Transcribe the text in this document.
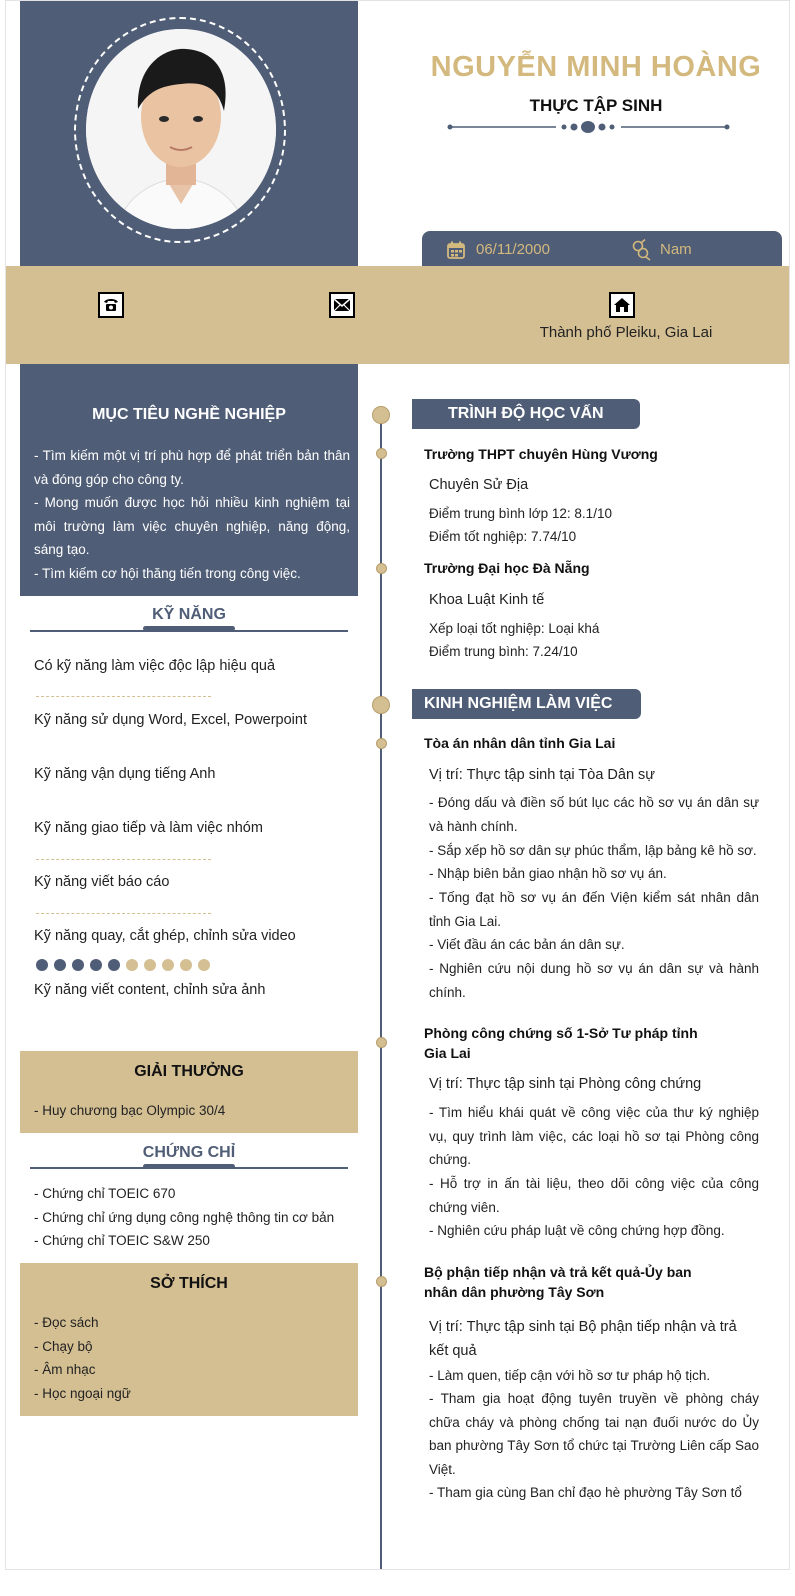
NGUYỄN MINH HOÀNG
THỰC TẬP SINH
06/11/2000	Nam
Thành phố Pleiku, Gia Lai
MỤC TIÊU NGHỀ NGHIỆP

- Tìm kiếm một vị trí phù hợp để phát triển bản thân và đóng góp cho công ty.

- Mong muốn được học hỏi nhiều kinh nghiệm tại môi trường làm việc chuyên nghiệp, năng động, sáng tạo.

- Tìm kiếm cơ hội thăng tiến trong công việc.

KỸ NĂNG
Có kỹ năng làm việc độc lập hiệu quả
Kỹ năng sử dụng Word, Excel, Powerpoint
Kỹ năng vận dụng tiếng Anh
Kỹ năng giao tiếp và làm việc nhóm
Kỹ năng viết báo cáo
Kỹ năng quay, cắt ghép, chỉnh sửa video
Kỹ năng viết content, chỉnh sửa ảnh
GIẢI THƯỞNG

- Huy chương bạc Olympic 30/4

CHỨNG CHỈ
- Chứng chỉ TOEIC 670
- Chứng chỉ ứng dụng công nghệ thông tin cơ bản
- Chứng chỉ TOEIC S&W 250
SỞ THÍCH
- Đọc sách
- Chạy bộ
- Âm nhạc
- Học ngoại ngữ
TRÌNH ĐỘ HỌC VẤN
Trường THPT chuyên Hùng Vương
Chuyên Sử Địa
Điểm trung bình lớp 12: 8.1/10
Điểm tốt nghiệp: 7.74/10
Trường Đại học Đà Nẵng
Khoa Luật Kinh tế
Xếp loại tốt nghiệp: Loại khá
Điểm trung bình: 7.24/10
KINH NGHIỆM LÀM VIỆC
Tòa án nhân dân tỉnh Gia Lai
Vị trí: Thực tập sinh tại Tòa Dân sự
- Đóng dấu và điền số bút lục các hồ sơ vụ án dân sự và hành chính.
- Sắp xếp hồ sơ dân sự phúc thẩm, lập bảng kê hồ sơ.
- Nhập biên bản giao nhận hồ sơ vụ án.
- Tống đạt hồ sơ vụ án đến Viện kiểm sát nhân dân tỉnh Gia Lai.
- Viết đầu án các bản án dân sự.
- Nghiên cứu nội dung hồ sơ vụ án dân sự và hành chính.
Phòng công chứng số 1-Sở Tư pháp tỉnh
Gia Lai
Vị trí: Thực tập sinh tại Phòng công chứng
- Tìm hiểu khái quát về công việc của thư ký nghiệp vụ, quy trình làm việc, các loại hồ sơ tại Phòng công chứng.
- Hỗ trợ in ấn tài liệu, theo dõi công việc của công chứng viên.
- Nghiên cứu pháp luật về công chứng hợp đồng.
Bộ phận tiếp nhận và trả kết quả-Ủy ban
nhân dân phường Tây Sơn
Vị trí: Thực tập sinh tại Bộ phận tiếp nhận và trả kết quả
- Làm quen, tiếp cận với hồ sơ tư pháp hộ tịch.
- Tham gia hoạt động tuyên truyền về phòng cháy chữa cháy và phòng chống tai nạn đuối nước do Ủy ban phường Tây Sơn tổ chức tại Trường Liên cấp Sao Việt.
- Tham gia cùng Ban chỉ đạo hè phường Tây Sơn tổ
